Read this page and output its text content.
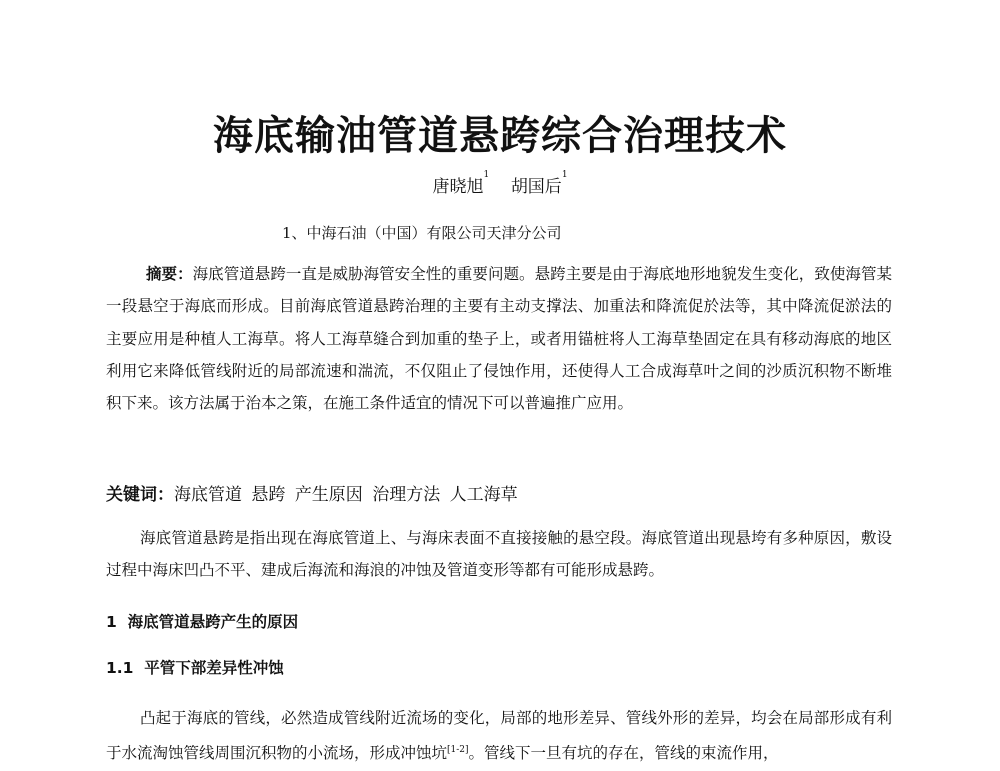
海底输油管道悬跨综合治理技术
唐晓旭$^1$    胡国后$^1$
1、中海石油（中国）有限公司天津分公司
摘要：海底管道悬跨一直是威胁海管安全性的重要问题。悬跨主要是由于海底地形地貌发生变化，致使海管某一段悬空于海底而形成。目前海底管道悬跨治理的主要有主动支撑法、加重法和降流促於法等，其中降流促淤法的主要应用是种植人工海草。将人工海草缝合到加重的垫子上，或者用锚桩将人工海草垫固定在具有移动海底的地区利用它来降低管线附近的局部流速和湍流，不仅阻止了侵蚀作用，还使得人工合成海草叶之间的沙质沉积物不断堆积下来。该方法属于治本之策，在施工条件适宜的情况下可以普遍推广应用。
关键词：海底管道 悬跨 产生原因 治理方法 人工海草
海底管道悬跨是指出现在海底管道上、与海床表面不直接接触的悬空段。海底管道出现悬垮有多种原因，敷设过程中海床凹凸不平、建成后海流和海浪的冲蚀及管道变形等都有可能形成悬跨。
1 海底管道悬跨产生的原因
1.1 平管下部差异性冲蚀
凸起于海底的管线，必然造成管线附近流场的变化，局部的地形差异、管线外形的差异，均会在局部形成有利于水流淘蚀管线周围沉积物的小流场，形成冲蚀坑[1-2]。管线下一旦有坑的存在，管线的束流作用，
